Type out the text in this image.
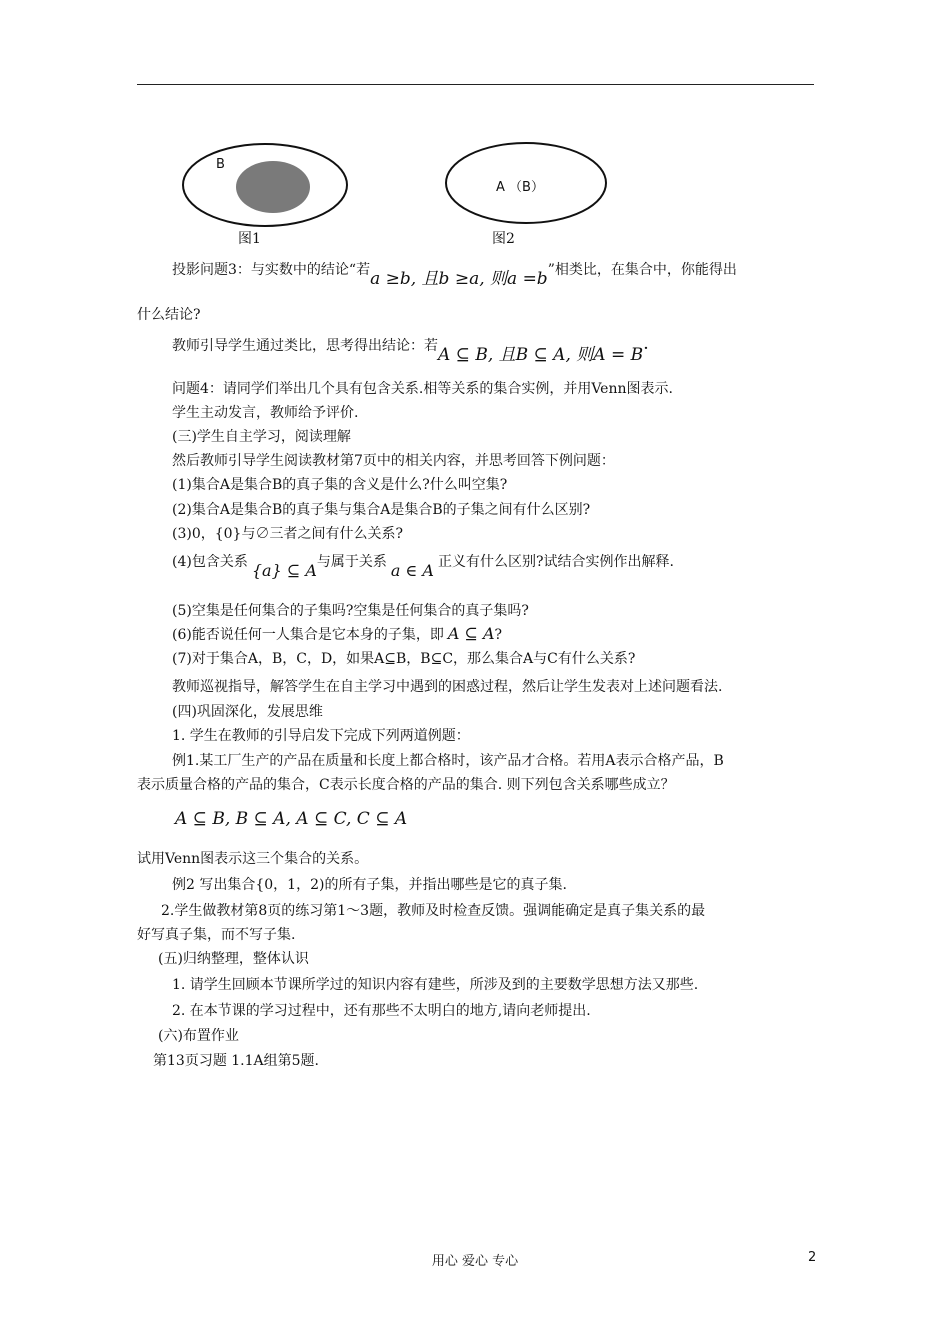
B
图1
A （B）
图2
投影问题3：与实数中的结论“若a ≥b, 且b ≥a, 则a =b”相类比，在集合中，你能得出
什么结论?
教师引导学生通过类比，思考得出结论：若A ⊆ B, 且B ⊆ A, 则A = B·
问题4：请同学们举出几个具有包含关系.相等关系的集合实例，并用Venn图表示.
学生主动发言，教师给予评价.
(三)学生自主学习，阅读理解
然后教师引导学生阅读教材第7页中的相关内容，并思考回答下例问题：
(1)集合A是集合B的真子集的含义是什么?什么叫空集?
(2)集合A是集合B的真子集与集合A是集合B的子集之间有什么区别?
(3)0，{0}与∅三者之间有什么关系?
(4)包含关系 {a} ⊆ A与属于关系 a ∈ A 正义有什么区别?试结合实例作出解释.
(5)空集是任何集合的子集吗?空集是任何集合的真子集吗?
(6)能否说任何一人集合是它本身的子集，即 A ⊆ A?
(7)对于集合A，B，C，D，如果A⊆B，B⊆C，那么集合A与C有什么关系?
教师巡视指导，解答学生在自主学习中遇到的困惑过程，然后让学生发表对上述问题看法.
(四)巩固深化，发展思维
1. 学生在教师的引导启发下完成下列两道例题：
例1.某工厂生产的产品在质量和长度上都合格时，该产品才合格。若用A表示合格产品，B
表示质量合格的产品的集合，C表示长度合格的产品的集合. 则下列包含关系哪些成立？
A ⊆ B, B ⊆ A, A ⊆ C, C ⊆ A
试用Venn图表示这三个集合的关系。
例2 写出集合{0，1，2)的所有子集，并指出哪些是它的真子集.
2.学生做教材第8页的练习第1～3题，教师及时检查反馈。强调能确定是真子集关系的最
好写真子集，而不写子集.
(五)归纳整理，整体认识
1. 请学生回顾本节课所学过的知识内容有建些，所涉及到的主要数学思想方法又那些.
2. 在本节课的学习过程中，还有那些不太明白的地方,请向老师提出.
(六)布置作业
第13页习题 1.1A组第5题.
用心 爱心 专心	2
